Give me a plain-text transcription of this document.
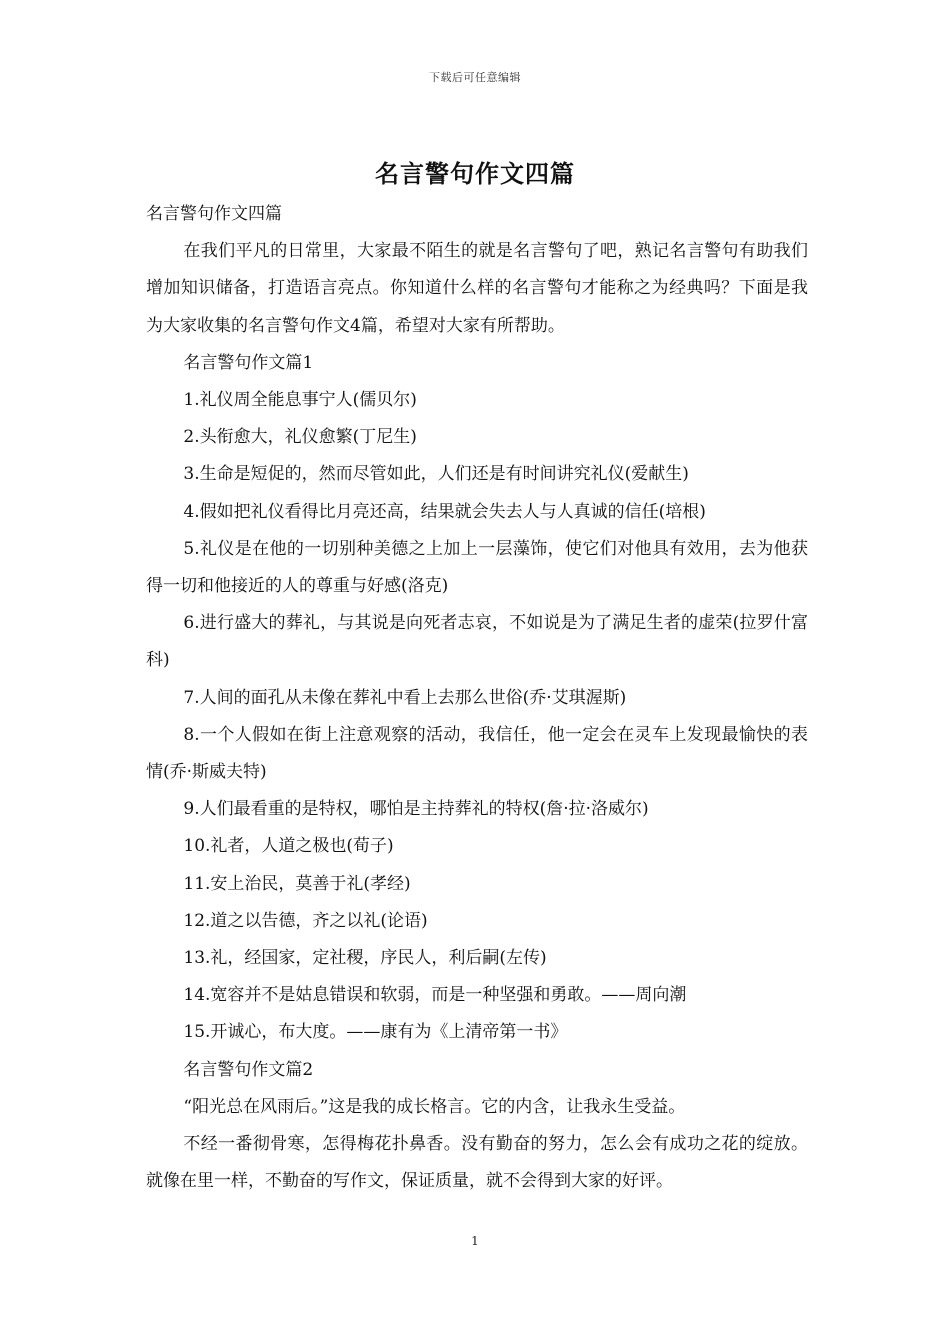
下载后可任意编辑
名言警句作文四篇

名言警句作文四篇

在我们平凡的日常里，大家最不陌生的就是名言警句了吧，熟记名言警句有助我们增加知识储备，打造语言亮点。你知道什么样的名言警句才能称之为经典吗？下面是我为大家收集的名言警句作文4篇，希望对大家有所帮助。

名言警句作文篇1

1.礼仪周全能息事宁人(儒贝尔)

2.头衔愈大，礼仪愈繁(丁尼生)

3.生命是短促的，然而尽管如此，人们还是有时间讲究礼仪(爱献生)

4.假如把礼仪看得比月亮还高，结果就会失去人与人真诚的信任(培根)

5.礼仪是在他的一切别种美德之上加上一层藻饰，使它们对他具有效用，去为他获得一切和他接近的人的尊重与好感(洛克)

6.进行盛大的葬礼，与其说是向死者志哀，不如说是为了满足生者的虚荣(拉罗什富科)

7.人间的面孔从未像在葬礼中看上去那么世俗(乔·艾琪渥斯)

8.一个人假如在街上注意观察的活动，我信任，他一定会在灵车上发现最愉快的表情(乔·斯威夫特)

9.人们最看重的是特权，哪怕是主持葬礼的特权(詹·拉·洛威尔)

10.礼者，人道之极也(荀子)

11.安上治民，莫善于礼(孝经)

12.道之以告德，齐之以礼(论语)

13.礼，经国家，定社稷，序民人，利后嗣(左传)

14.宽容并不是姑息错误和软弱，而是一种坚强和勇敢。——周向潮

15.开诚心，布大度。——康有为《上清帝第一书》

名言警句作文篇2

“阳光总在风雨后。”这是我的成长格言。它的内含，让我永生受益。

不经一番彻骨寒，怎得梅花扑鼻香。没有勤奋的努力，怎么会有成功之花的绽放。就像在里一样，不勤奋的写作文，保证质量，就不会得到大家的好评。

1
